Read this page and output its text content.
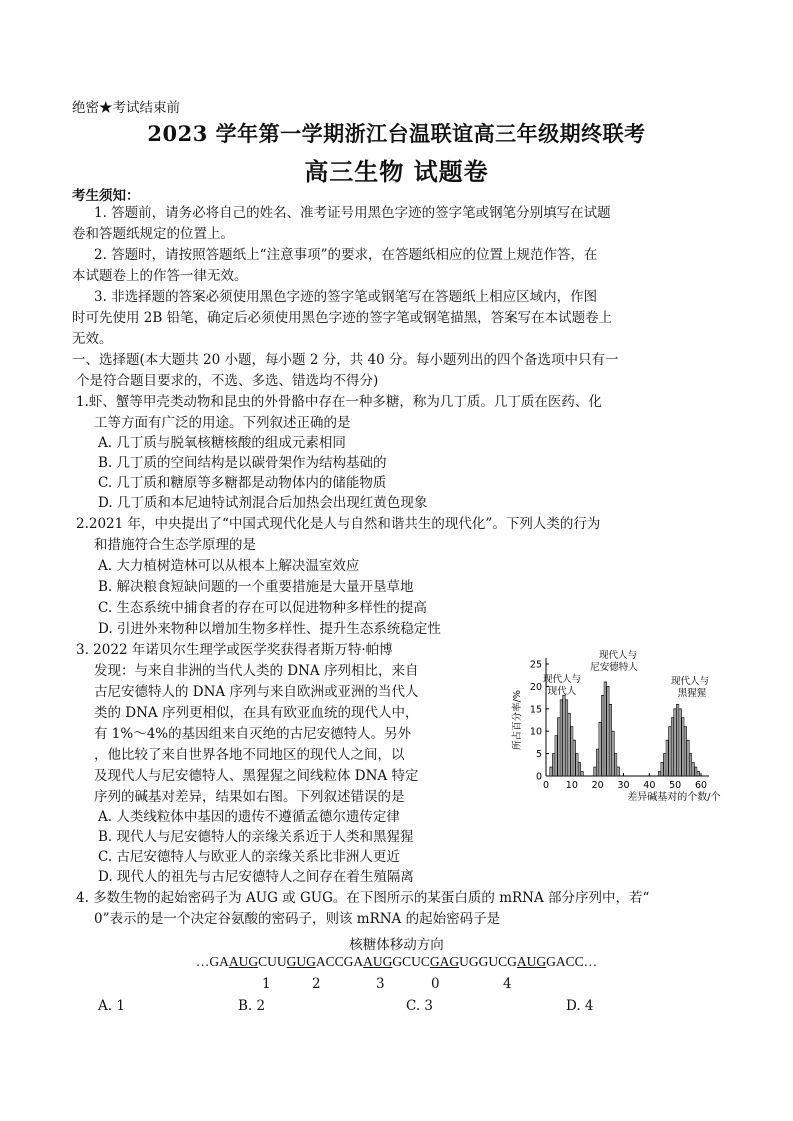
绝密★考试结束前
2023 学年第一学期浙江台温联谊高三年级期终联考
高三生物 试题卷
考生须知：
1. 答题前，请务必将自己的姓名、准考证号用黑色字迹的签字笔或钢笔分别填写在试题
卷和答题纸规定的位置上。
2. 答题时，请按照答题纸上“注意事项”的要求，在答题纸相应的位置上规范作答，在
本试题卷上的作答一律无效。
3. 非选择题的答案必须使用黑色字迹的签字笔或钢笔写在答题纸上相应区域内，作图
时可先使用 2B 铅笔，确定后必须使用黑色字迹的签字笔或钢笔描黑，答案写在本试题卷上
无效。
一、选择题(本大题共 20 小题，每小题 2 分，共 40 分。每小题列出的四个备选项中只有一
个是符合题目要求的，不选、多选、错选均不得分)
1.虾、蟹等甲壳类动物和昆虫的外骨骼中存在一种多糖，称为几丁质。几丁质在医药、化
工等方面有广泛的用途。下列叙述正确的是
A. 几丁质与脱氧核糖核酸的组成元素相同
B. 几丁质的空间结构是以碳骨架作为结构基础的
C. 几丁质和糖原等多糖都是动物体内的储能物质
D. 几丁质和本尼迪特试剂混合后加热会出现红黄色现象
2.2021 年，中央提出了“中国式现代化是人与自然和谐共生的现代化”。下列人类的行为
和措施符合生态学原理的是
A. 大力植树造林可以从根本上解决温室效应
B. 解决粮食短缺问题的一个重要措施是大量开垦草地
C. 生态系统中捕食者的存在可以促进物种多样性的提高
D. 引进外来物种以增加生物多样性、提升生态系统稳定性
3. 2022 年诺贝尔生理学或医学奖获得者斯万特·帕博
发现：与来自非洲的当代人类的 DNA 序列相比，来自
古尼安德特人的 DNA 序列与来自欧洲或亚洲的当代人
类的 DNA 序列更相似，在具有欧亚血统的现代人中，
有 1%～4%的基因组来自灭绝的古尼安德特人。另外
，他比较了来自世界各地不同地区的现代人之间，以
及现代人与尼安德特人、黑猩猩之间线粒体 DNA 特定
序列的碱基对差异，结果如右图。下列叙述错误的是
A. 人类线粒体中基因的遗传不遵循孟德尔遗传定律
B. 现代人与尼安德特人的亲缘关系近于人类和黑猩猩
C. 古尼安德特人与欧亚人的亲缘关系比非洲人更近
D. 现代人的祖先与古尼安德特人之间存在着生殖隔离
0
5
10
15
20
25
0 10 20 30 40 50 60
所占百分率/%
差异碱基对的个数/个
现代人与
现代人
现代人与
尼安德特人
现代人与
黑猩猩
4. 多数生物的起始密码子为 AUG 或 GUG。在下图所示的某蛋白质的 mRNA 部分序列中，若“
0”表示的是一个决定谷氨酸的密码子，则该 mRNA 的起始密码子是
核糖体移动方向
…GAAUGCUUGUGACCGAAUGGCUCGAGUGGUCGAUGGACC…
1	2	3	0	4
A. 1	B. 2	C. 3	D. 4
